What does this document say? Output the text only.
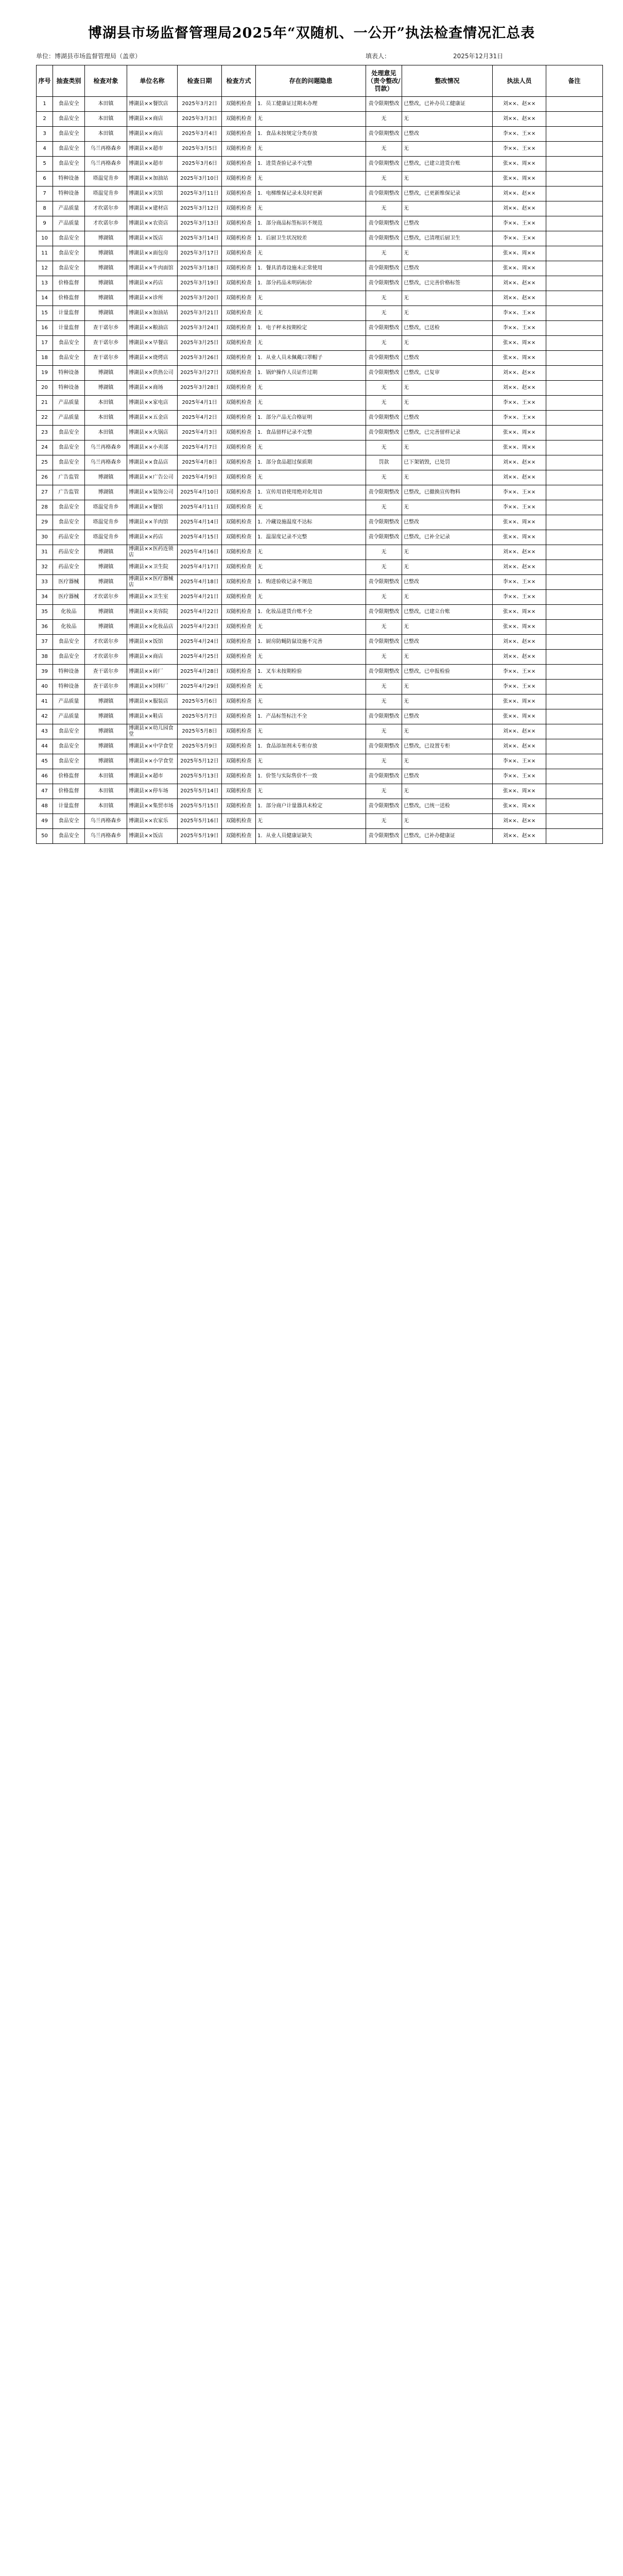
博湖县市场监督管理局2025年“双随机、一公开”执法检查情况汇总表
单位：博湖县市场监督管理局（盖章）	填表人：	2025年12月31日
序号	抽查类别	检查对象	单位名称	检查日期	检查方式	存在的问题隐患	处理意见（责令整改/罚款）	整改情况	执法人员	备注
1	食品安全	本田镇	博湖县××餐饮店	2025年3月2日	双随机检查	1．员工健康证过期未办理	责令限期整改	已整改，已补办员工健康证	刘××、赵××	
2	食品安全	本田镇	博湖县××商店	2025年3月3日	双随机检查	无	无	无	刘××、赵××	
3	食品安全	本田镇	博湖县××商店	2025年3月4日	双随机检查	1．食品未按规定分类存放	责令限期整改	已整改	李××、王××	
4	食品安全	乌兰再格森乡	博湖县××超市	2025年3月5日	双随机检查	无	无	无	李××、王××	
5	食品安全	乌兰再格森乡	博湖县××超市	2025年3月6日	双随机检查	1．进货查验记录不完整	责令限期整改	已整改，已建立进货台账	张××、周××	
6	特种设备	塔温觉肯乡	博湖县××加油站	2025年3月10日	双随机检查	无	无	无	张××、周××	
7	特种设备	塔温觉肯乡	博湖县××宾馆	2025年3月11日	双随机检查	1．电梯维保记录未及时更新	责令限期整改	已整改，已更新维保记录	刘××、赵××	
8	产品质量	才坎诺尔乡	博湖县××建材店	2025年3月12日	双随机检查	无	无	无	刘××、赵××	
9	产品质量	才坎诺尔乡	博湖县××农资店	2025年3月13日	双随机检查	1．部分商品标签标识不规范	责令限期整改	已整改	李××、王××	
10	食品安全	博湖镇	博湖县××饭店	2025年3月14日	双随机检查	1．后厨卫生状况较差	责令限期整改	已整改，已清理后厨卫生	李××、王××	
11	食品安全	博湖镇	博湖县××面包房	2025年3月17日	双随机检查	无	无	无	张××、周××	
12	食品安全	博湖镇	博湖县××牛肉面馆	2025年3月18日	双随机检查	1．餐具消毒设施未正常使用	责令限期整改	已整改	张××、周××	
13	价格监督	博湖镇	博湖县××药店	2025年3月19日	双随机检查	1．部分药品未明码标价	责令限期整改	已整改，已完善价格标签	刘××、赵××	
14	价格监督	博湖镇	博湖县××诊所	2025年3月20日	双随机检查	无	无	无	刘××、赵××	
15	计量监督	博湖镇	博湖县××加油站	2025年3月21日	双随机检查	无	无	无	李××、王××	
16	计量监督	查干诺尔乡	博湖县××粮油店	2025年3月24日	双随机检查	1．电子秤未按期检定	责令限期整改	已整改，已送检	李××、王××	
17	食品安全	查干诺尔乡	博湖县××早餐店	2025年3月25日	双随机检查	无	无	无	张××、周××	
18	食品安全	查干诺尔乡	博湖县××烧烤店	2025年3月26日	双随机检查	1．从业人员未佩戴口罩帽子	责令限期整改	已整改	张××、周××	
19	特种设备	博湖镇	博湖县××供热公司	2025年3月27日	双随机检查	1．锅炉操作人员证件过期	责令限期整改	已整改，已复审	刘××、赵××	
20	特种设备	博湖镇	博湖县××商场	2025年3月28日	双随机检查	无	无	无	刘××、赵××	
21	产品质量	本田镇	博湖县××家电店	2025年4月1日	双随机检查	无	无	无	李××、王××	
22	产品质量	本田镇	博湖县××五金店	2025年4月2日	双随机检查	1．部分产品无合格证明	责令限期整改	已整改	李××、王××	
23	食品安全	本田镇	博湖县××火锅店	2025年4月3日	双随机检查	1．食品留样记录不完整	责令限期整改	已整改，已完善留样记录	张××、周××	
24	食品安全	乌兰再格森乡	博湖县××小卖部	2025年4月7日	双随机检查	无	无	无	张××、周××	
25	食品安全	乌兰再格森乡	博湖县××食品店	2025年4月8日	双随机检查	1．部分食品超过保质期	罚款	已下架销毁，已处罚	刘××、赵××	
26	广告监管	博湖镇	博湖县××广告公司	2025年4月9日	双随机检查	无	无	无	刘××、赵××	
27	广告监管	博湖镇	博湖县××装饰公司	2025年4月10日	双随机检查	1．宣传用语使用绝对化用语	责令限期整改	已整改，已撤换宣传物料	李××、王××	
28	食品安全	塔温觉肯乡	博湖县××餐馆	2025年4月11日	双随机检查	无	无	无	李××、王××	
29	食品安全	塔温觉肯乡	博湖县××羊肉馆	2025年4月14日	双随机检查	1．冷藏设施温度不达标	责令限期整改	已整改	张××、周××	
30	药品安全	塔温觉肯乡	博湖县××药店	2025年4月15日	双随机检查	1．温湿度记录不完整	责令限期整改	已整改，已补全记录	张××、周××	
31	药品安全	博湖镇	博湖县××医药连锁店	2025年4月16日	双随机检查	无	无	无	刘××、赵××	
32	药品安全	博湖镇	博湖县××卫生院	2025年4月17日	双随机检查	无	无	无	刘××、赵××	
33	医疗器械	博湖镇	博湖县××医疗器械店	2025年4月18日	双随机检查	1．购进验收记录不规范	责令限期整改	已整改	李××、王××	
34	医疗器械	才坎诺尔乡	博湖县××卫生室	2025年4月21日	双随机检查	无	无	无	李××、王××	
35	化妆品	博湖镇	博湖县××美容院	2025年4月22日	双随机检查	1．化妆品进货台账不全	责令限期整改	已整改，已建立台账	张××、周××	
36	化妆品	博湖镇	博湖县××化妆品店	2025年4月23日	双随机检查	无	无	无	张××、周××	
37	食品安全	才坎诺尔乡	博湖县××饭馆	2025年4月24日	双随机检查	1．厨房防蝇防鼠设施不完善	责令限期整改	已整改	刘××、赵××	
38	食品安全	才坎诺尔乡	博湖县××商店	2025年4月25日	双随机检查	无	无	无	刘××、赵××	
39	特种设备	查干诺尔乡	博湖县××砖厂	2025年4月28日	双随机检查	1．叉车未按期检验	责令限期整改	已整改，已申报检验	李××、王××	
40	特种设备	查干诺尔乡	博湖县××饲料厂	2025年4月29日	双随机检查	无	无	无	李××、王××	
41	产品质量	博湖镇	博湖县××服装店	2025年5月6日	双随机检查	无	无	无	张××、周××	
42	产品质量	博湖镇	博湖县××鞋店	2025年5月7日	双随机检查	1．产品标签标注不全	责令限期整改	已整改	张××、周××	
43	食品安全	博湖镇	博湖县××幼儿园食堂	2025年5月8日	双随机检查	无	无	无	刘××、赵××	
44	食品安全	博湖镇	博湖县××中学食堂	2025年5月9日	双随机检查	1．食品添加剂未专柜存放	责令限期整改	已整改，已设置专柜	刘××、赵××	
45	食品安全	博湖镇	博湖县××小学食堂	2025年5月12日	双随机检查	无	无	无	李××、王××	
46	价格监督	本田镇	博湖县××超市	2025年5月13日	双随机检查	1．价签与实际售价不一致	责令限期整改	已整改	李××、王××	
47	价格监督	本田镇	博湖县××停车场	2025年5月14日	双随机检查	无	无	无	张××、周××	
48	计量监督	本田镇	博湖县××集贸市场	2025年5月15日	双随机检查	1．部分商户计量器具未检定	责令限期整改	已整改，已统一送检	张××、周××	
49	食品安全	乌兰再格森乡	博湖县××农家乐	2025年5月16日	双随机检查	无	无	无	刘××、赵××	
50	食品安全	乌兰再格森乡	博湖县××饭店	2025年5月19日	双随机检查	1．从业人员健康证缺失	责令限期整改	已整改，已补办健康证	刘××、赵××	
